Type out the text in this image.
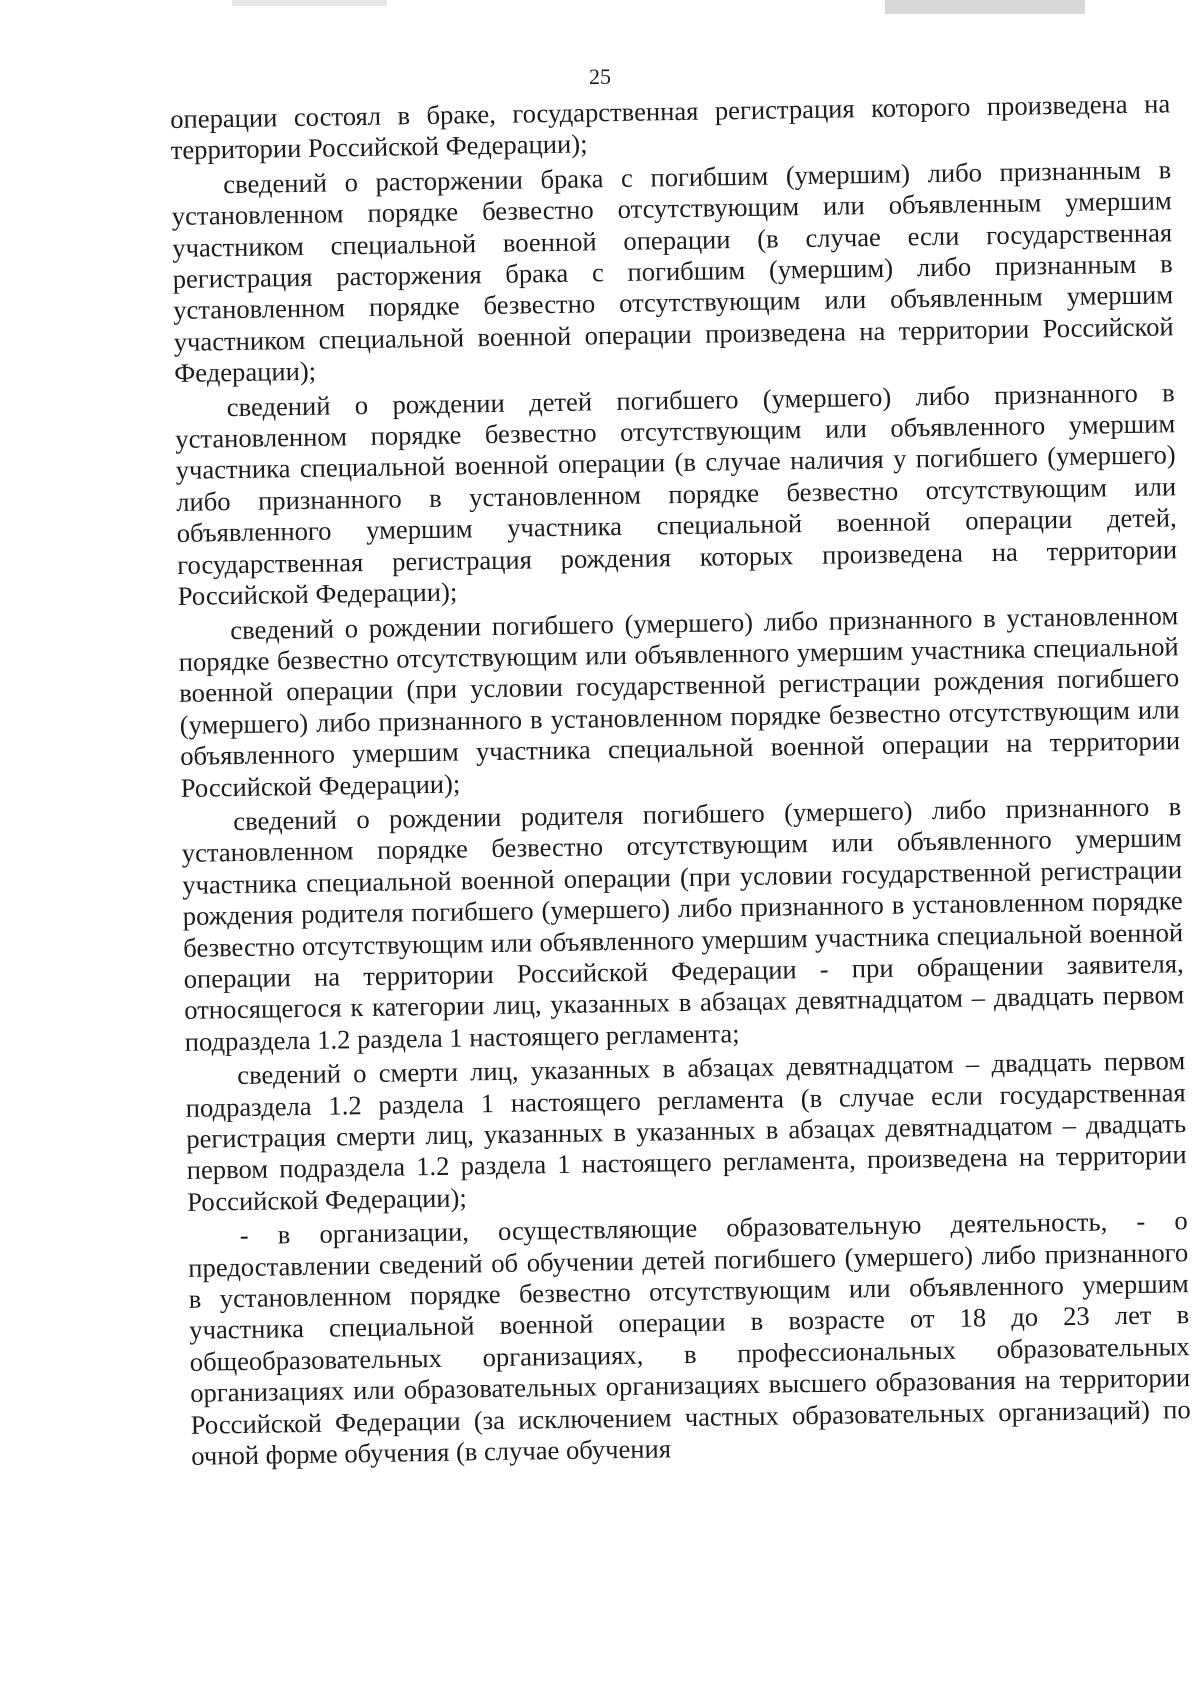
25

операции состоял в браке, государственная регистрация которого произведена на территории Российской Федерации);

сведений о расторжении брака с погибшим (умершим) либо признанным в установленном порядке безвестно отсутствующим или объявленным умершим участником специальной военной операции (в случае если государственная регистрация расторжения брака с погибшим (умершим) либо признанным в установленном порядке безвестно отсутствующим или объявленным умершим участником специальной военной операции произведена на территории Российской Федерации);

сведений о рождении детей погибшего (умершего) либо признанного в установленном порядке безвестно отсутствующим или объявленного умершим участника специальной военной операции (в случае наличия у погибшего (умершего) либо признанного в установленном порядке безвестно отсутствующим или объявленного умершим участника специальной военной операции детей, государственная регистрация рождения которых произведена на территории Российской Федерации);

сведений о рождении погибшего (умершего) либо признанного в установленном порядке безвестно отсутствующим или объявленного умершим участника специальной военной операции (при условии государственной регистрации рождения погибшего (умершего) либо признанного в установленном порядке безвестно отсутствующим или объявленного умершим участника специальной военной операции на территории Российской Федерации);

сведений о рождении родителя погибшего (умершего) либо признанного в установленном порядке безвестно отсутствующим или объявленного умершим участника специальной военной операции (при условии государственной регистрации рождения родителя погибшего (умершего) либо признанного в установленном порядке безвестно отсутствующим или объявленного умершим участника специальной военной операции на территории Российской Федерации - при обращении заявителя, относящегося к категории лиц, указанных в абзацах девятнадцатом – двадцать первом подраздела 1.2 раздела 1 настоящего регламента;

сведений о смерти лиц, указанных в абзацах девятнадцатом – двадцать первом подраздела 1.2 раздела 1 настоящего регламента (в случае если государственная регистрация смерти лиц, указанных в указанных в абзацах девятнадцатом – двадцать первом подраздела 1.2 раздела 1 настоящего регламента, произведена на территории Российской Федерации);

- в организации, осуществляющие образовательную деятельность, - о предоставлении сведений об обучении детей погибшего (умершего) либо признанного в установленном порядке безвестно отсутствующим или объявленного умершим участника специальной военной операции в возрасте от 18 до 23 лет в общеобразовательных организациях, в профессиональных образовательных организациях или образовательных организациях высшего образования на территории Российской Федерации (за исключением частных образовательных организаций) по очной форме обучения (в случае обучения
